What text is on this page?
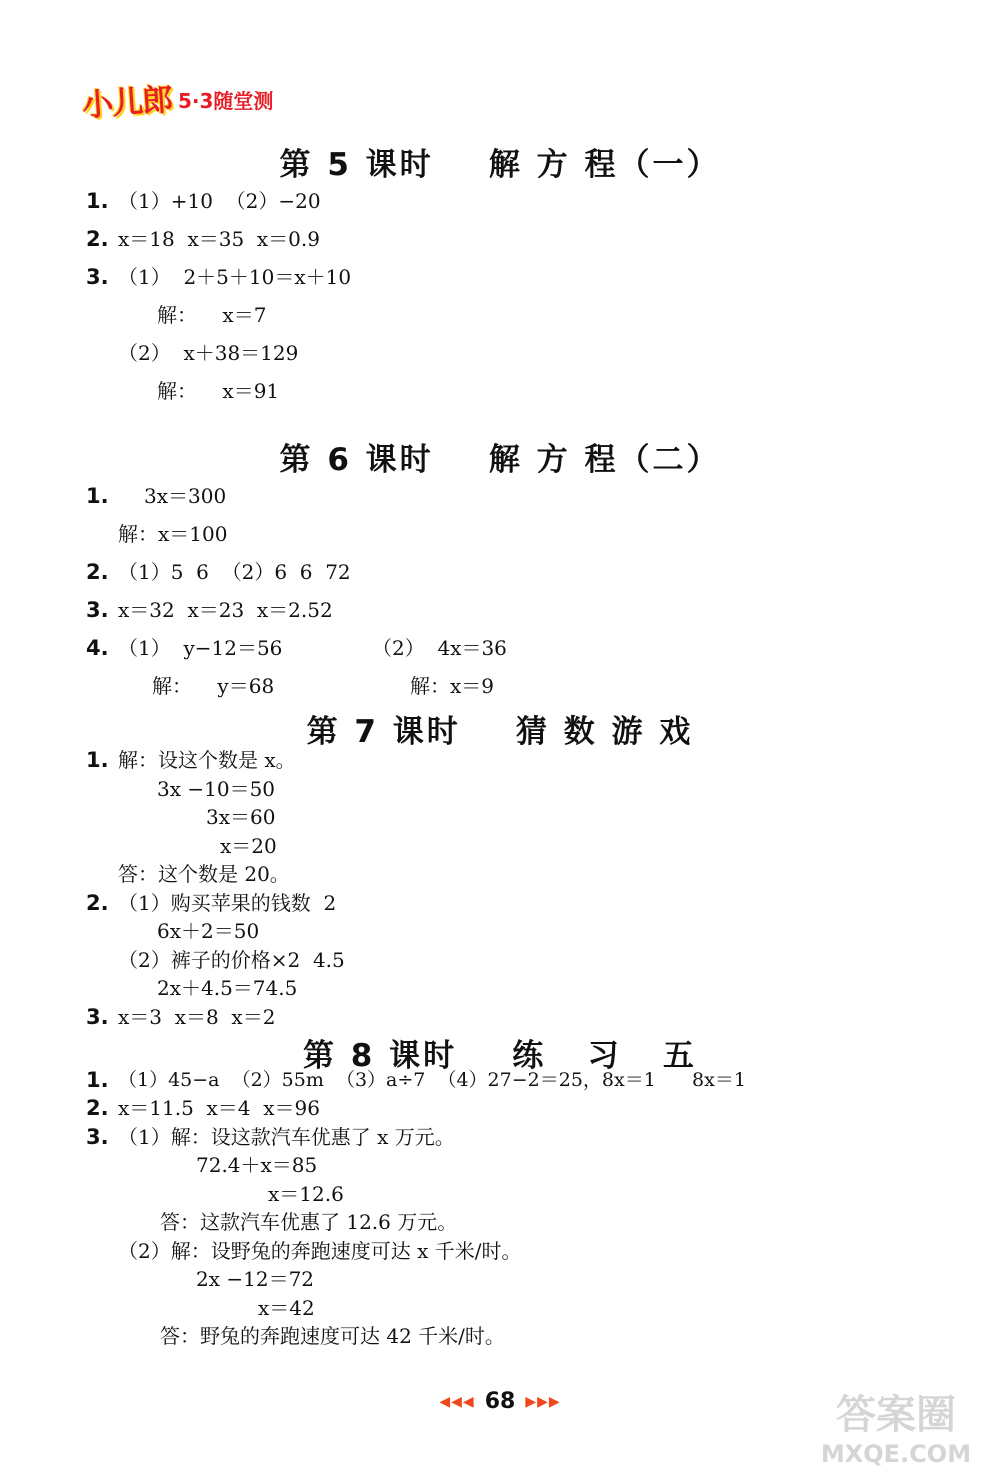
小儿郎 5·3随堂测
第 5 课时    解 方 程（一）
1. （1）+10  （2）−20
2. x＝18  x＝35  x＝0.9
3. （1）  2＋5＋10＝x＋10
解：    x＝7
（2）  x＋38＝129
解：    x＝91
第 6 课时    解 方 程（二）
1. 3x＝300
解：x＝100
2. （1）5  6  （2）6  6  72
3. x＝32  x＝23  x＝2.52
4. （1）  y−12＝56	（2）  4x＝36
解：    y＝68	解：x＝9
第 7 课时    猜 数 游 戏
1. 解：设这个数是 x。
3x −10＝50
3x＝60
x＝20
答：这个数是 20。
2. （1）购买苹果的钱数  2
6x＋2＝50
（2）裤子的价格×2  4.5
2x＋4.5＝74.5
3. x＝3  x＝8  x＝2
第 8 课时    练   习   五
1. （1）45−a  （2）55m  （3）a÷7  （4）27−2＝25，8x＝1      8x＝1
2. x＝11.5  x＝4  x＝96
3. （1）解：设这款汽车优惠了 x 万元。
72.4＋x＝85
x＝12.6
答：这款汽车优惠了 12.6 万元。
（2）解：设野兔的奔跑速度可达 x 千米/时。
2x −12＝72
x＝42
答：野兔的奔跑速度可达 42 千米/时。
◀◀◀ 68 ▶▶▶	答案圈
MXQE.COM
